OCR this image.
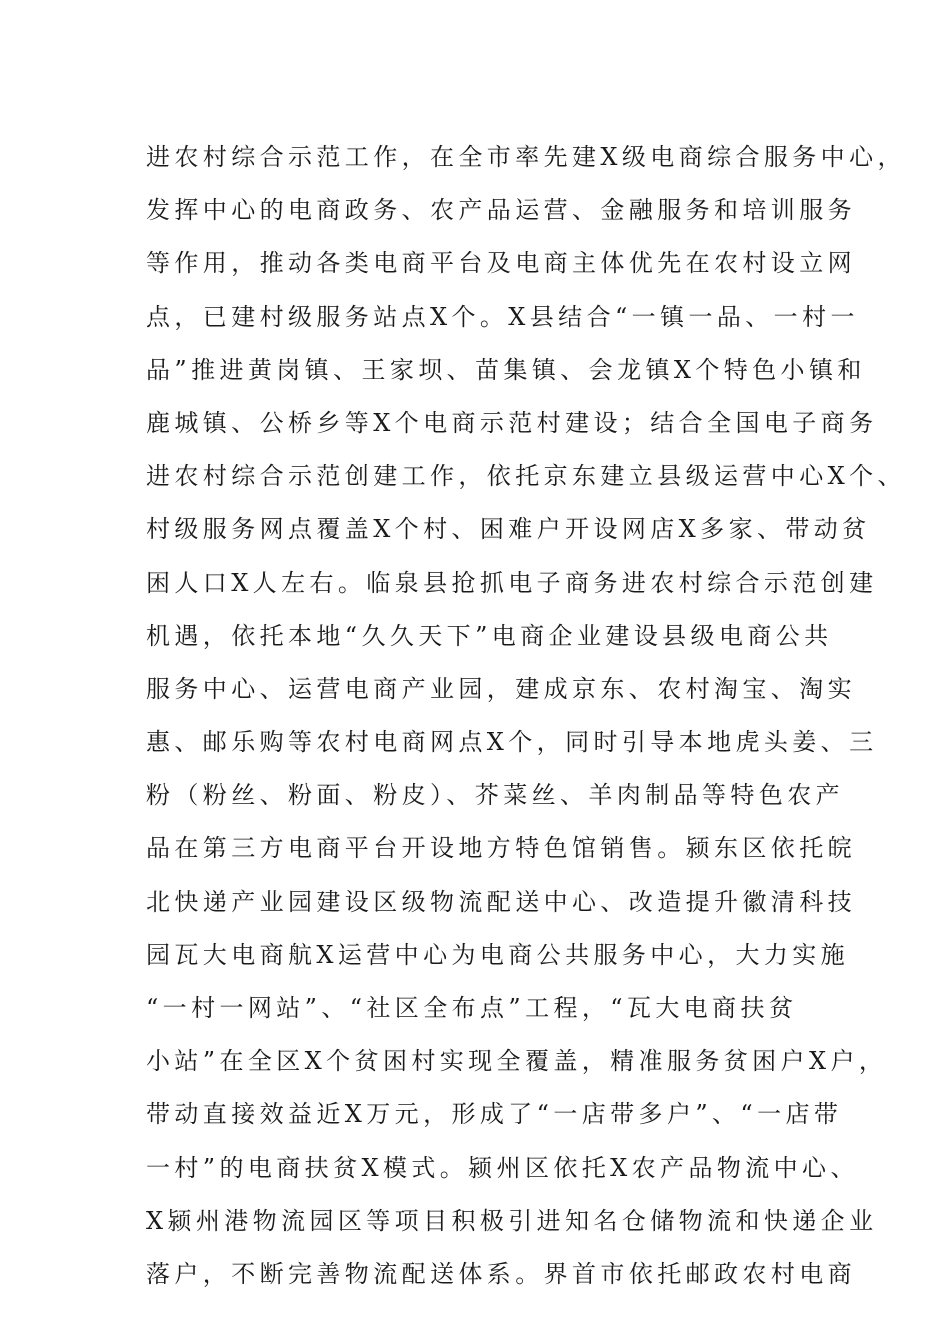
进农村综合示范工作，在全市率先建X级电商综合服务中心，
发挥中心的电商政务、农产品运营、金融服务和培训服务
等作用，推动各类电商平台及电商主体优先在农村设立网
点，已建村级服务站点X个。X县结合“一镇一品、一村一
品”推进黄岗镇、王家坝、苗集镇、会龙镇X个特色小镇和
鹿城镇、公桥乡等X个电商示范村建设；结合全国电子商务
进农村综合示范创建工作，依托京东建立县级运营中心X个、
村级服务网点覆盖X个村、困难户开设网店X多家、带动贫
困人口X人左右。临泉县抢抓电子商务进农村综合示范创建
机遇，依托本地“久久天下”电商企业建设县级电商公共
服务中心、运营电商产业园，建成京东、农村淘宝、淘实
惠、邮乐购等农村电商网点X个，同时引导本地虎头姜、三
粉（粉丝、粉面、粉皮）、芥菜丝、羊肉制品等特色农产
品在第三方电商平台开设地方特色馆销售。颍东区依托皖
北快递产业园建设区级物流配送中心、改造提升徽清科技
园瓦大电商航X运营中心为电商公共服务中心，大力实施
“一村一网站”、“社区全布点”工程，“瓦大电商扶贫
小站”在全区X个贫困村实现全覆盖，精准服务贫困户X户，
带动直接效益近X万元，形成了“一店带多户”、“一店带
一村”的电商扶贫X模式。颍州区依托X农产品物流中心、
X颍州港物流园区等项目积极引进知名仓储物流和快递企业
落户，不断完善物流配送体系。界首市依托邮政农村电商
